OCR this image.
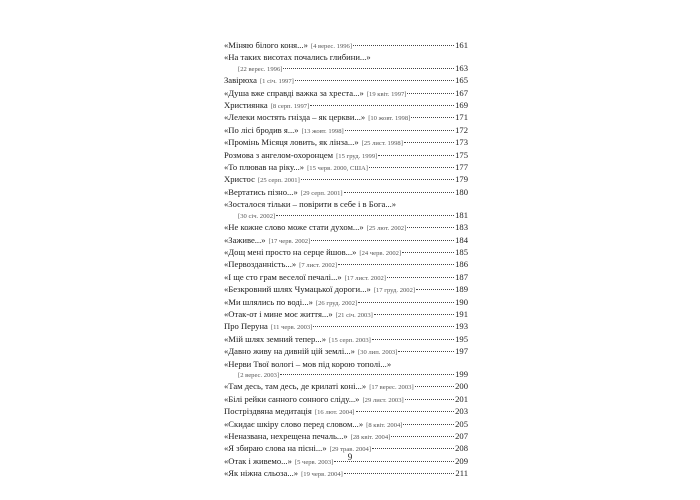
«Міняю білого коня...» [4 верес. 1996]	161
«На таких висотах почались глибини...»
[22 верес. 1996]	163
Завірюха [1 січ. 1997]	165
«Душа вже справді важка за хреста...» [19 квіт. 1997]	167
Християнка [8 серп. 1997]	169
«Лелеки мостять гнізда – як церкви...» [10 жовт. 1998]	171
«По лісі бродив я...» [13 жовт. 1998]	172
«Промінь Місяця ловить, як лінза...» [25 лист. 1998]	173
Розмова з ангелом-охоронцем [15 груд. 1999]	175
«То плював на ріку...» [15 черв. 2000, США]	177
Христос [25 серп. 2001]	179
«Вертатись пізно...» [29 серп. 2001]	180
«Зосталося тільки – повірити в себе і в Бога...»
[30 січ. 2002]	181
«Не кожне слово може стати духом...» [25 лют. 2002]	183
«Заживе...» [17 черв. 2002]	184
«Дощ мені просто на серце йшов...» [24 черв. 2002]	185
«Первозданність...» [7 лист. 2002]	186
«І ще сто грам веселої печалі...» [17 лист. 2002]	187
«Безкровний шлях Чумацької дороги...» [17 груд. 2002]	189
«Ми шлялись по воді...» [26 груд. 2002]	190
«Отак-от і мине моє життя...» [21 січ. 2003]	191
Про Перуна [11 черв. 2003]	193
«Мій шлях земний тепер...» [15 серп. 2003]	195
«Давно живу на дивній цій землі...» [30 лип. 2003]	197
«Нерви Твої вологі – мов під корою тополі...»
[2 верес. 2003]	199
«Там десь, там десь, де крилаті коні...» [17 верес. 2003]	200
«Білі рейки санного сонного сліду...» [29 лист. 2003]	201
Постріздвяна медитація [16 лют. 2004]	203
«Скидає шкіру слово перед словом...» [8 квіт. 2004]	205
«Неназвана, нехрещена печаль...» [28 квіт. 2004]	207
«Я збираю слова на пісні...» [29 трав. 2004]	208
«Отак і живемо...» [5 черв. 2003]	209
«Як ніжна сльоза...» [19 черв. 2004]	211
9
